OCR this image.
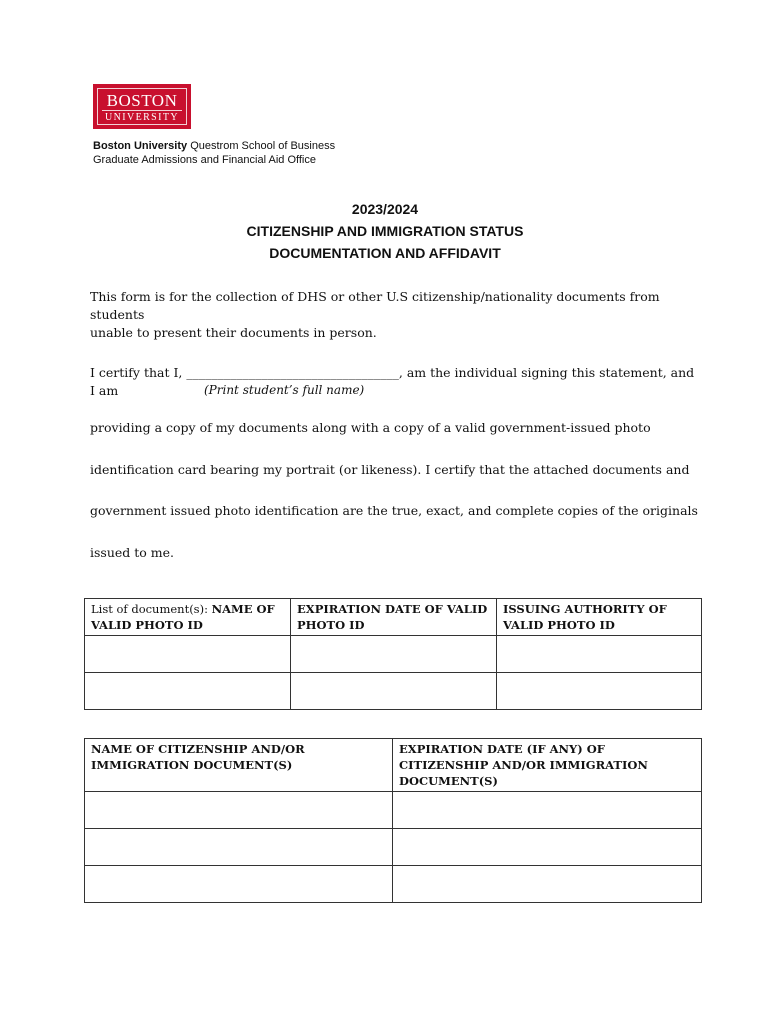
BOSTON
UNIVERSITY
Boston University Questrom School of Business
Graduate Admissions and Financial Aid Office
2023/2024
CITIZENSHIP AND IMMIGRATION STATUS
DOCUMENTATION AND AFFIDAVIT
This form is for the collection of DHS or other U.S citizenship/nationality documents from students
unable to present their documents in person.
I certify that I, __________________________________, am the individual signing this statement, and I am	(Print student’s full name)
providing a copy of my documents along with a copy of a valid government-issued photo
identification card bearing my portrait (or likeness). I certify that the attached documents and
government issued photo identification are the true, exact, and complete copies of the originals
issued to me.
List of document(s): NAME OF VALID PHOTO ID	EXPIRATION DATE OF VALID PHOTO ID	ISSUING AUTHORITY OF VALID PHOTO ID

NAME OF CITIZENSHIP AND/OR IMMIGRATION DOCUMENT(S)	EXPIRATION DATE (IF ANY) OF CITIZENSHIP AND/OR IMMIGRATION DOCUMENT(S)
